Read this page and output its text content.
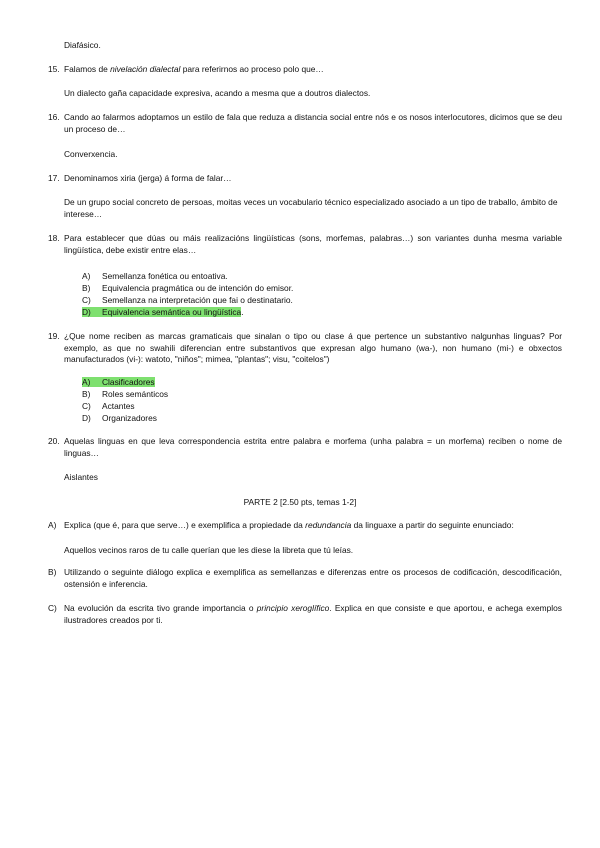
Diafásico.
15. Falamos de nivelación dialectal para referirnos ao proceso polo que…
Un dialecto gaña capacidade expresiva, acando a mesma que a doutros dialectos.
16. Cando ao falarmos adoptamos un estilo de fala que reduza a distancia social entre nós e os nosos interlocutores, dicimos que se deu un proceso de…
Converxencia.
17. Denominamos xiria (jerga) á forma de falar…
De un grupo social concreto de persoas, moitas veces un vocabulario técnico especializado asociado a un tipo de traballo, ámbito de interese…
18. Para establecer que dúas ou máis realizacións lingüísticas (sons, morfemas, palabras…) son variantes dunha mesma variable lingüística, debe existir entre elas…
A) Semellanza fonética ou entoativa.
B) Equivalencia pragmática ou de intención do emisor.
C) Semellanza na interpretación que fai o destinatario.
D) Equivalencia semántica ou lingüística.
19. ¿Que nome reciben as marcas gramaticais que sinalan o tipo ou clase á que pertence un substantivo nalgunhas linguas? Por exemplo, as que no swahili diferencian entre substantivos que expresan algo humano (wa-), non humano (mi-) e obxectos manufacturados (vi-): watoto, "niños"; mimea, "plantas"; visu, "coitelos")
A) Clasificadores
B) Roles semánticos
C) Actantes
D) Organizadores
20. Aquelas linguas en que leva correspondencia estrita entre palabra e morfema (unha palabra = un morfema) reciben o nome de linguas…
Aislantes
PARTE 2 [2.50 pts, temas 1-2]
A) Explica (que é, para que serve…) e exemplifica a propiedade da redundancia da linguaxe a partir do seguinte enunciado:
Aquellos vecinos raros de tu calle querían que les diese la libreta que tú leías.
B) Utilizando o seguinte diálogo explica e exemplifica as semellanzas e diferenzas entre os procesos de codificación, descodificación, ostensión e inferencia.
C) Na evolución da escrita tivo grande importancia o principio xeroglífico. Explica en que consiste e que aportou, e achega exemplos ilustradores creados por ti.
